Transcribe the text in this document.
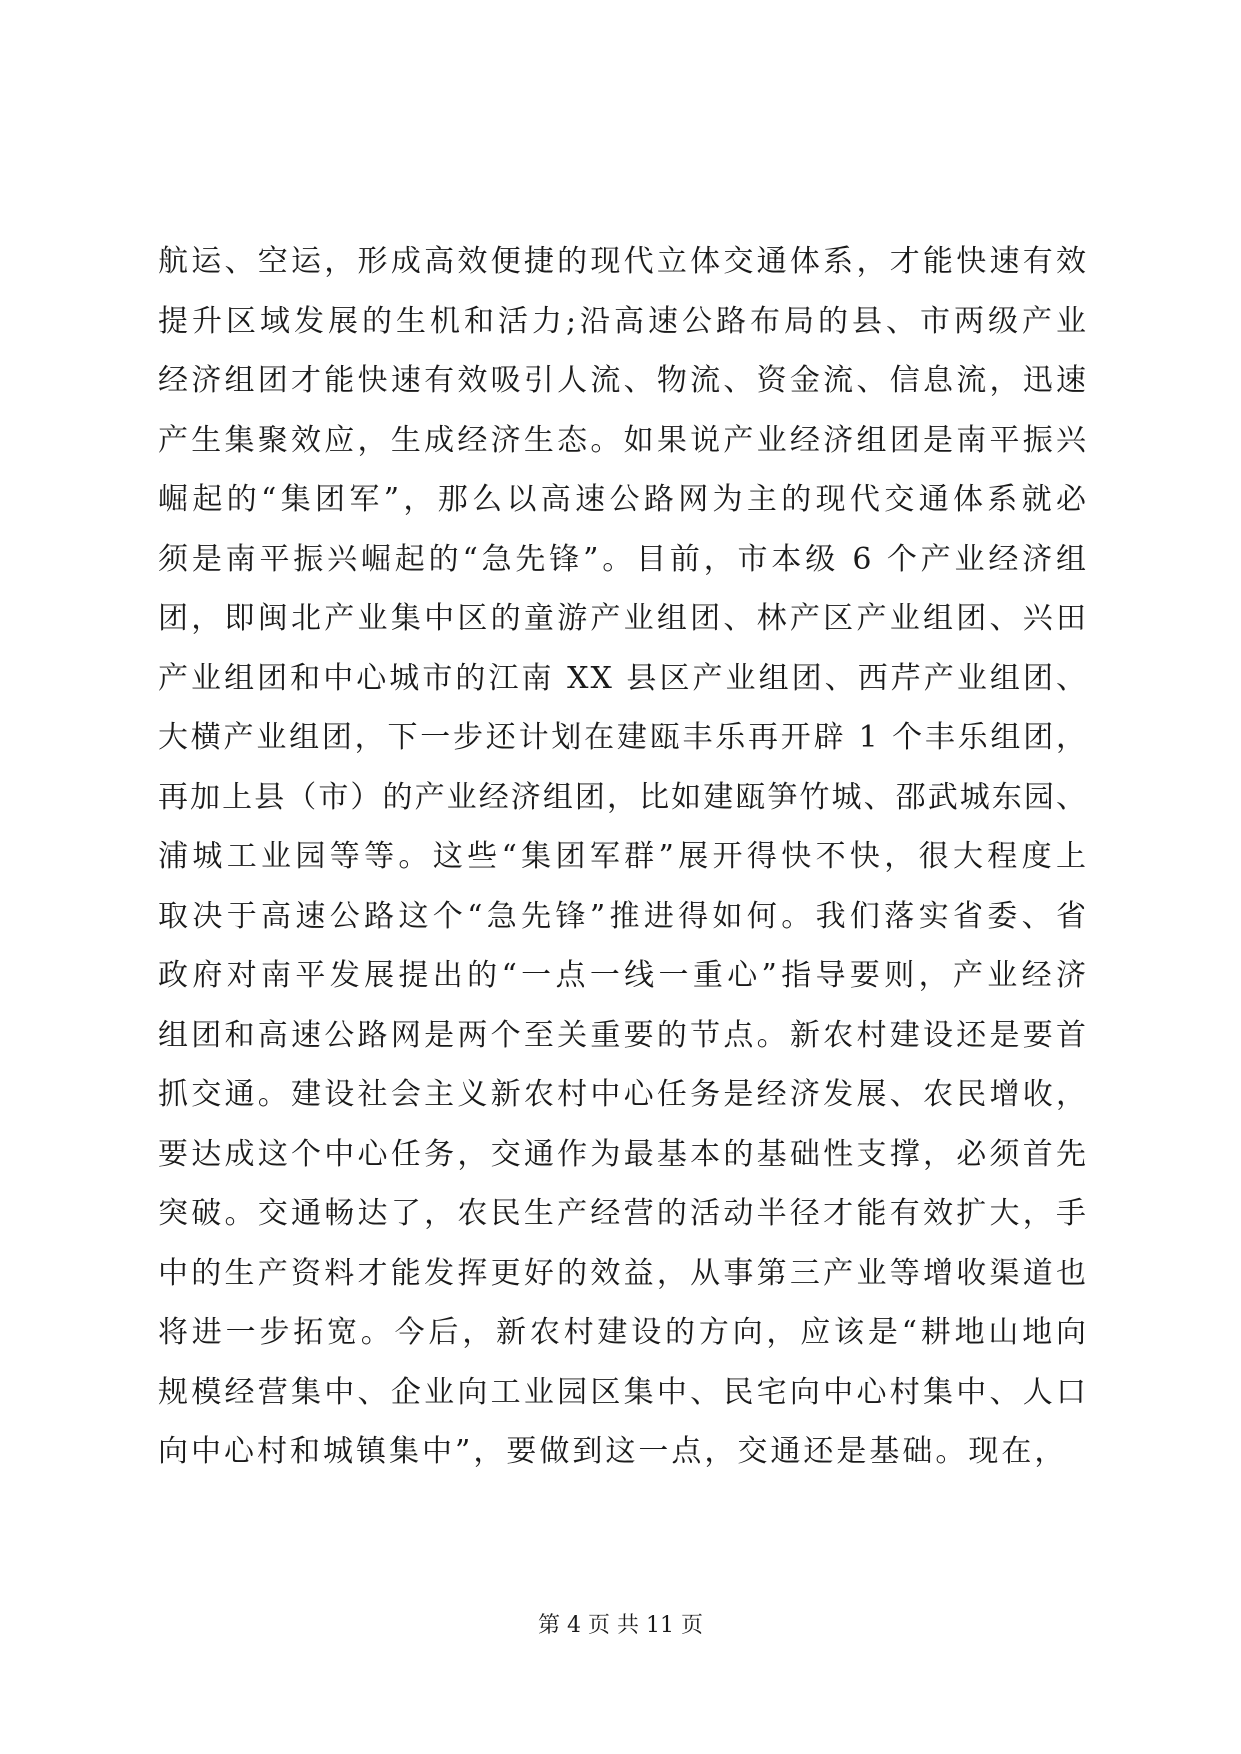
航运、空运，形成高效便捷的现代立体交通体系，才能快速有效
提升区域发展的生机和活力;沿高速公路布局的县、市两级产业
经济组团才能快速有效吸引人流、物流、资金流、信息流，迅速
产生集聚效应，生成经济生态。如果说产业经济组团是南平振兴
崛起的“集团军”，那么以高速公路网为主的现代交通体系就必
须是南平振兴崛起的“急先锋”。目前，市本级 6 个产业经济组
团，即闽北产业集中区的童游产业组团、林产区产业组团、兴田
产业组团和中心城市的江南 XX 县区产业组团、西芹产业组团、
大横产业组团，下一步还计划在建瓯丰乐再开辟 1 个丰乐组团，
再加上县（市）的产业经济组团，比如建瓯笋竹城、邵武城东园、
浦城工业园等等。这些“集团军群”展开得快不快，很大程度上
取决于高速公路这个“急先锋”推进得如何。我们落实省委、省
政府对南平发展提出的“一点一线一重心”指导要则，产业经济
组团和高速公路网是两个至关重要的节点。新农村建设还是要首
抓交通。建设社会主义新农村中心任务是经济发展、农民增收，
要达成这个中心任务，交通作为最基本的基础性支撑，必须首先
突破。交通畅达了，农民生产经营的活动半径才能有效扩大，手
中的生产资料才能发挥更好的效益，从事第三产业等增收渠道也
将进一步拓宽。今后，新农村建设的方向，应该是“耕地山地向
规模经营集中、企业向工业园区集中、民宅向中心村集中、人口
向中心村和城镇集中”，要做到这一点，交通还是基础。现在，
第 4 页 共 11 页
